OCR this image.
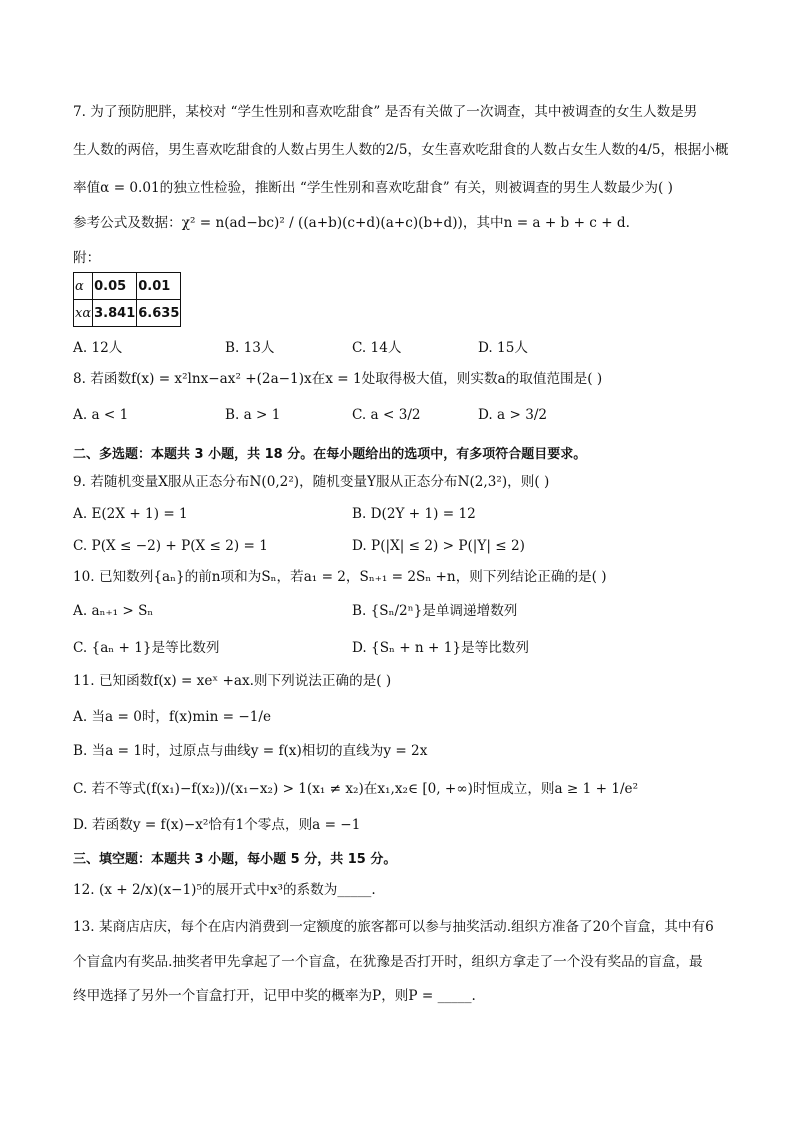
7. 为了预防肥胖，某校对 “学生性别和喜欢吃甜食” 是否有关做了一次调查，其中被调查的女生人数是男
生人数的两倍，男生喜欢吃甜食的人数占男生人数的2/5，女生喜欢吃甜食的人数占女生人数的4/5，根据小概
率值α = 0.01的独立性检验，推断出 “学生性别和喜欢吃甜食” 有关，则被调查的男生人数最少为( )
参考公式及数据：χ² = n(ad−bc)² / ((a+b)(c+d)(a+c)(b+d))，其中n = a + b + c + d.
附：
α	0.05	0.01
xα	3.841	6.635
A. 12人	B. 13人	C. 14人	D. 15人
8. 若函数f(x) = x²lnx−ax² +(2a−1)x在x = 1处取得极大值，则实数a的取值范围是( )
A. a < 1	B. a > 1	C. a < 3/2	D. a > 3/2
二、多选题：本题共 3 小题，共 18 分。在每小题给出的选项中，有多项符合题目要求。
9. 若随机变量X服从正态分布N(0,2²)，随机变量Y服从正态分布N(2,3²)，则( )
A. E(2X + 1) = 1	B. D(2Y + 1) = 12
C. P(X ≤ −2) + P(X ≤ 2) = 1	D. P(|X| ≤ 2) > P(|Y| ≤ 2)
10. 已知数列{aₙ}的前n项和为Sₙ，若a₁ = 2，Sₙ₊₁ = 2Sₙ +n，则下列结论正确的是( )
A. aₙ₊₁ > Sₙ	B. {Sₙ/2ⁿ}是单调递增数列
C. {aₙ + 1}是等比数列	D. {Sₙ + n + 1}是等比数列
11. 已知函数f(x) = xeˣ +ax.则下列说法正确的是( )
A. 当a = 0时，f(x)min = −1/e
B. 当a = 1时，过原点与曲线y = f(x)相切的直线为y = 2x
C. 若不等式(f(x₁)−f(x₂))/(x₁−x₂) > 1(x₁ ≠ x₂)在x₁,x₂∈ [0, +∞)时恒成立，则a ≥ 1 + 1/e²
D. 若函数y = f(x)−x²恰有1个零点，则a = −1
三、填空题：本题共 3 小题，每小题 5 分，共 15 分。
12. (x + 2/x)(x−1)⁵的展开式中x³的系数为_____.
13. 某商店店庆，每个在店内消费到一定额度的旅客都可以参与抽奖活动.组织方准备了20个盲盒，其中有6
个盲盒内有奖品.抽奖者甲先拿起了一个盲盒，在犹豫是否打开时，组织方拿走了一个没有奖品的盲盒，最
终甲选择了另外一个盲盒打开，记甲中奖的概率为P，则P = _____.
